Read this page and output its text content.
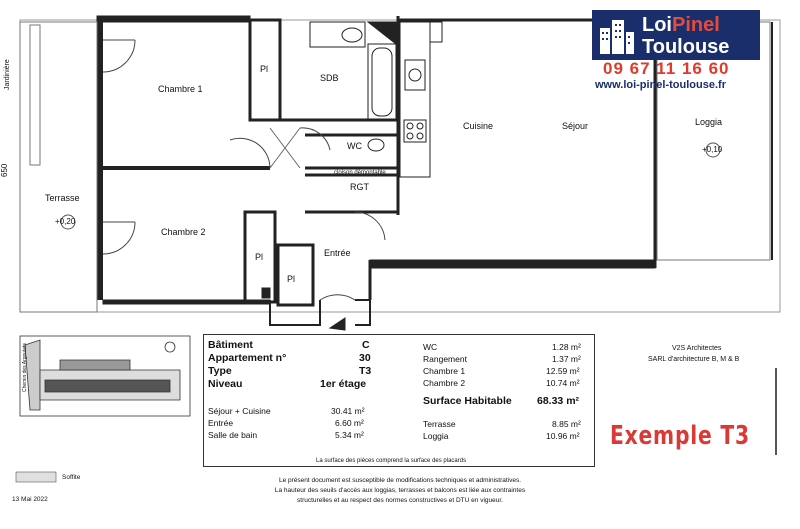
Chambre 1
Chambre 2
SDB
Pl
Pl
Pl
WC
cloison démontable
RGT
Cuisine	Séjour	Loggia
+0,10
Terrasse
+0,20
Jardinière
Entrée
650
Chemin des Argoulets
LoiPinel
Toulouse
09 67 11 16 60
www.loi-pinel-toulouse.fr
Bâtiment	C
Appartement n°	30
Type	T3
Niveau	1er étage
Séjour + Cuisine	30.41 m²
Entrée	6.60 m²
Salle de bain	5.34 m²
WC	1.28 m²
Rangement	1.37 m²
Chambre 1	12.59 m²
Chambre 2	10.74 m²
Surface Habitable 68.33 m²
Terrasse	8.85 m²
Loggia	10.96 m²
La surface des pièces comprend la surface des placards
V2S Architectes
SARL d'architecture B, M & B
Exemple T3
Soffite
13 Mai 2022
Le présent document est susceptible de modifications techniques et administratives.
La hauteur des seuils d'accès aux loggias, terrasses et balcons est liée aux contraintes
structurelles et au respect des normes constructives et DTU en vigueur.
